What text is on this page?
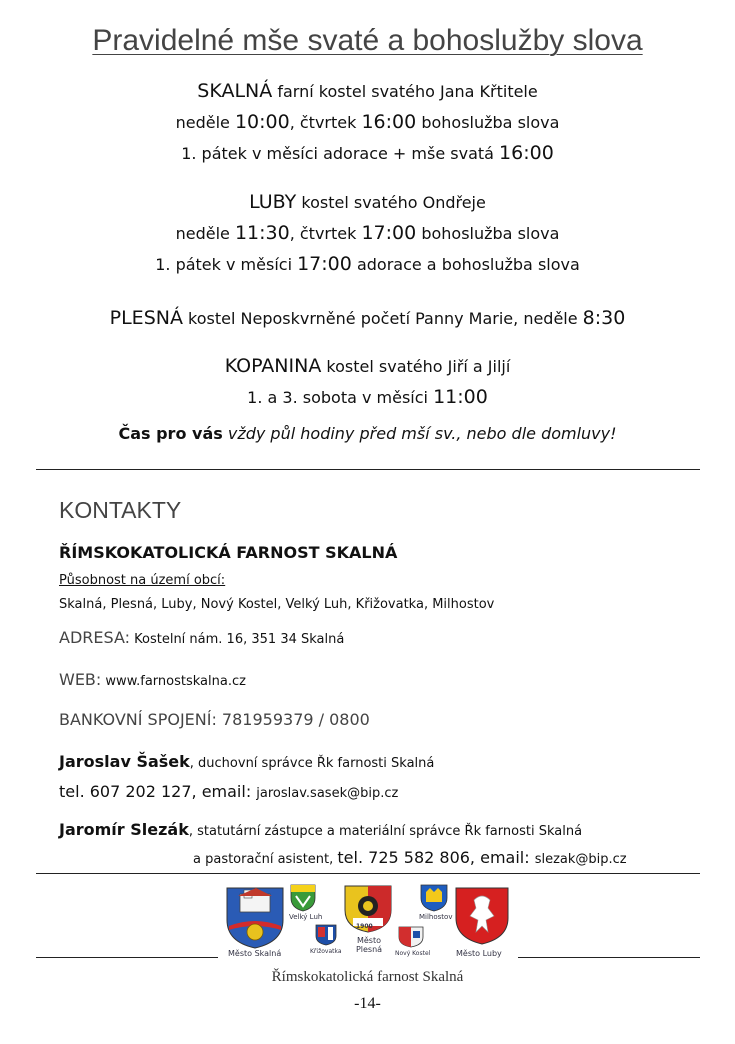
Pravidelné mše svaté a bohoslužby slova
SKALNÁ farní kostel svatého Jana Křtitele
neděle 10:00, čtvrtek 16:00 bohoslužba slova
1. pátek v měsíci adorace + mše svatá 16:00
LUBY kostel svatého Ondřeje
neděle 11:30, čtvrtek 17:00 bohoslužba slova
1. pátek v měsíci 17:00 adorace a bohoslužba slova
PLESNÁ kostel Neposkvrněné početí Panny Marie, neděle 8:30
KOPANINA kostel svatého Jiří a Jiljí
1. a 3. sobota v měsíci 11:00
Čas pro vás vždy půl hodiny před mší sv., nebo dle domluvy!
KONTAKTY
ŘÍMSKOKATOLICKÁ FARNOST SKALNÁ
Působnost na území obcí:
Skalná, Plesná, Luby, Nový Kostel, Velký Luh, Křižovatka, Milhostov
ADRESA: Kostelní nám. 16, 351 34 Skalná
WEB: www.farnostskalna.cz
BANKOVNÍ SPOJENÍ: 781959379 / 0800
Jaroslav Šašek, duchovní správce Řk farnosti Skalná
tel. 607 202 127, email: jaroslav.sasek@bip.cz
Jaromír Slezák, statutární zástupce a materiální správce Řk farnosti Skalná
a pastorační asistent, tel. 725 582 806, email: slezak@bip.cz
Město Skalná
Velký Luh
Křižovatka
1900
Město Plesná	Nový Kostel
Milhostov
Město Luby
Římskokatolická farnost Skalná
-14-
